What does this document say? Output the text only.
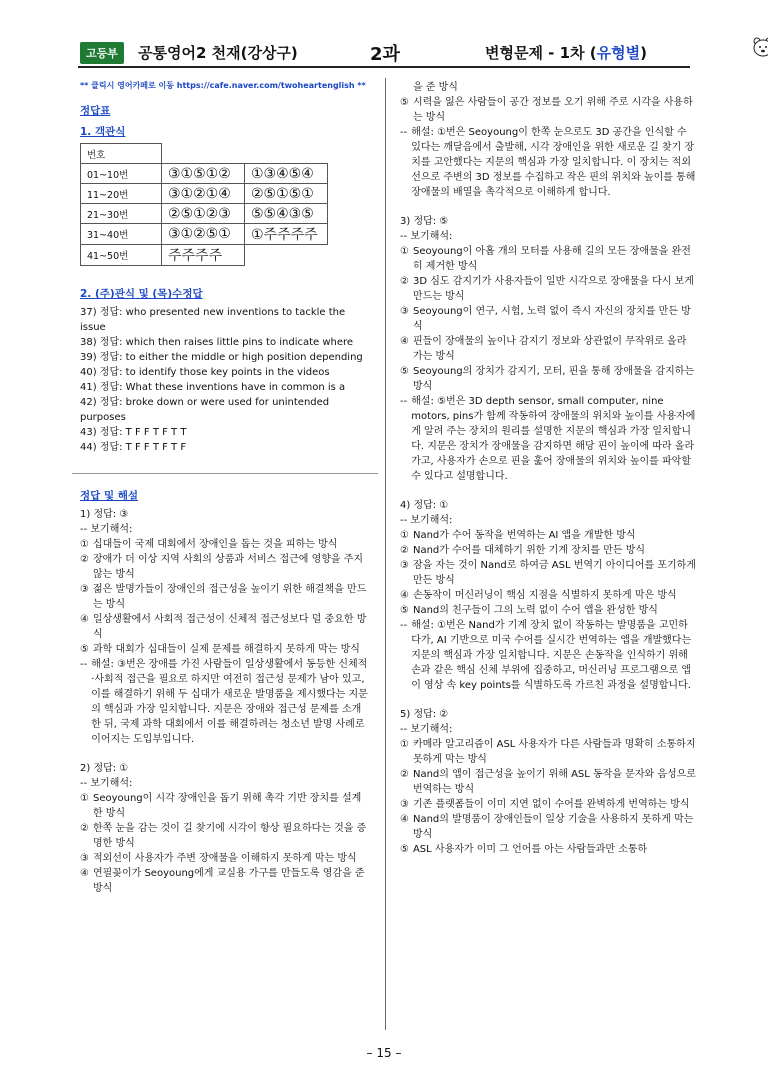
고등부	공통영어2 천재(강상구)	2과	변형문제 - 1차 (유형별)

** 클릭시 영어카페로 이동 https://cafe.naver.com/twoheartenglish **

정답표
1. 객관식
번호		
01~10번	③①⑤①②	①③④⑤④
11~20번	③①②①④	②⑤①⑤①
21~30번	②⑤①②③	⑤⑤④③⑤
31~40번	③①②⑤①	①주주주주
41~50번	주주주주	
2. (주)관식 및 (목)수정답

37) 정답: who presented new inventions to tackle the issue

38) 정답: which then raises little pins to indicate where

39) 정답: to either the middle or high position depending

40) 정답: to identify those key points in the videos

41) 정답: What these inventions have in common is a

42) 정답: broke down or were used for unintended purposes

43) 정답: T F F T F T T

44) 정답: T F F T F T F

정답 및 해설

1) 정답: ③

-- 보기해석:

① 십대들이 국제 대회에서 장애인을 돕는 것을 피하는 방식
② 장애가 더 이상 지역 사회의 상품과 서비스 접근에 영향을 주지 않는 방식
③ 젊은 발명가들이 장애인의 접근성을 높이기 위한 해결책을 만드는 방식
④ 일상생활에서 사회적 접근성이 신체적 접근성보다 덜 중요한 방식
⑤ 과학 대회가 십대들이 실제 문제를 해결하지 못하게 막는 방식
-- 해설: ③번은 장애를 가진 사람들이 일상생활에서 동등한 신체적·사회적 접근을 필요로 하지만 여전히 접근성 문제가 남아 있고, 이를 해결하기 위해 두 십대가 새로운 발명품을 제시했다는 지문의 핵심과 가장 일치합니다. 지문은 장애와 접근성 문제를 소개한 뒤, 국제 과학 대회에서 이를 해결하려는 청소년 발명 사례로 이어지는 도입부입니다.

2) 정답: ①

-- 보기해석:

① Seoyoung이 시각 장애인을 돕기 위해 촉각 기반 장치를 설계한 방식
② 한쪽 눈을 감는 것이 길 찾기에 시각이 항상 필요하다는 것을 증명한 방식
③ 적외선이 사용자가 주변 장애물을 이해하지 못하게 막는 방식
④ 연필꽂이가 Seoyoung에게 교실용 가구를 만들도록 영감을 준 방식
을 준 방식
⑤ 시력을 잃은 사람들이 공간 정보를 오기 위해 주로 시각을 사용하는 방식
-- 해설: ①번은 Seoyoung이 한쪽 눈으로도 3D 공간을 인식할 수 있다는 깨달음에서 출발해, 시각 장애인을 위한 새로운 길 찾기 장치를 고안했다는 지문의 핵심과 가장 일치합니다. 이 장치는 적외선으로 주변의 3D 정보를 수집하고 작은 핀의 위치와 높이를 통해 장애물의 배열을 촉각적으로 이해하게 합니다.

3) 정답: ⑤

-- 보기해석:

① Seoyoung이 아홉 개의 모터를 사용해 길의 모든 장애물을 완전히 제거한 방식
② 3D 심도 감지기가 사용자들이 일반 시각으로 장애물을 다시 보게 만드는 방식
③ Seoyoung이 연구, 시험, 노력 없이 즉시 자신의 장치를 만든 방식
④ 핀들이 장애물의 높이나 감지기 정보와 상관없이 무작위로 올라가는 방식
⑤ Seoyoung의 장치가 감지기, 모터, 핀을 통해 장애물을 감지하는 방식
-- 해설: ⑤번은 3D depth sensor, small computer, nine motors, pins가 함께 작동하여 장애물의 위치와 높이를 사용자에게 알려 주는 장치의 원리를 설명한 지문의 핵심과 가장 일치합니다. 지문은 장치가 장애물을 감지하면 해당 핀이 높이에 따라 올라가고, 사용자가 손으로 핀을 훑어 장애물의 위치와 높이를 파악할 수 있다고 설명합니다.

4) 정답: ①

-- 보기해석:

① Nand가 수어 동작을 번역하는 AI 앱을 개발한 방식
② Nand가 수어를 대체하기 위한 기계 장치를 만든 방식
③ 잠을 자는 것이 Nand로 하여금 ASL 번역기 아이디어를 포기하게 만든 방식
④ 손동작이 머신러닝이 핵심 지점을 식별하지 못하게 막은 방식
⑤ Nand의 친구들이 그의 노력 없이 수어 앱을 완성한 방식
-- 해설: ①번은 Nand가 기계 장치 없이 작동하는 발명품을 고민하다가, AI 기반으로 미국 수어를 실시간 번역하는 앱을 개발했다는 지문의 핵심과 가장 일치합니다. 지문은 손동작을 인식하기 위해 손과 같은 핵심 신체 부위에 집중하고, 머신러닝 프로그램으로 앱이 영상 속 key points를 식별하도록 가르친 과정을 설명합니다.

5) 정답: ②

-- 보기해석:

① 카메라 알고리즘이 ASL 사용자가 다른 사람들과 명확히 소통하지 못하게 막는 방식
② Nand의 앱이 접근성을 높이기 위해 ASL 동작을 문자와 음성으로 번역하는 방식
③ 기존 플랫폼들이 이미 지연 없이 수어를 완벽하게 번역하는 방식
④ Nand의 발명품이 장애인들이 일상 기술을 사용하지 못하게 막는 방식
⑤ ASL 사용자가 이미 그 언어를 아는 사람들과만 소통하
– 15 –
